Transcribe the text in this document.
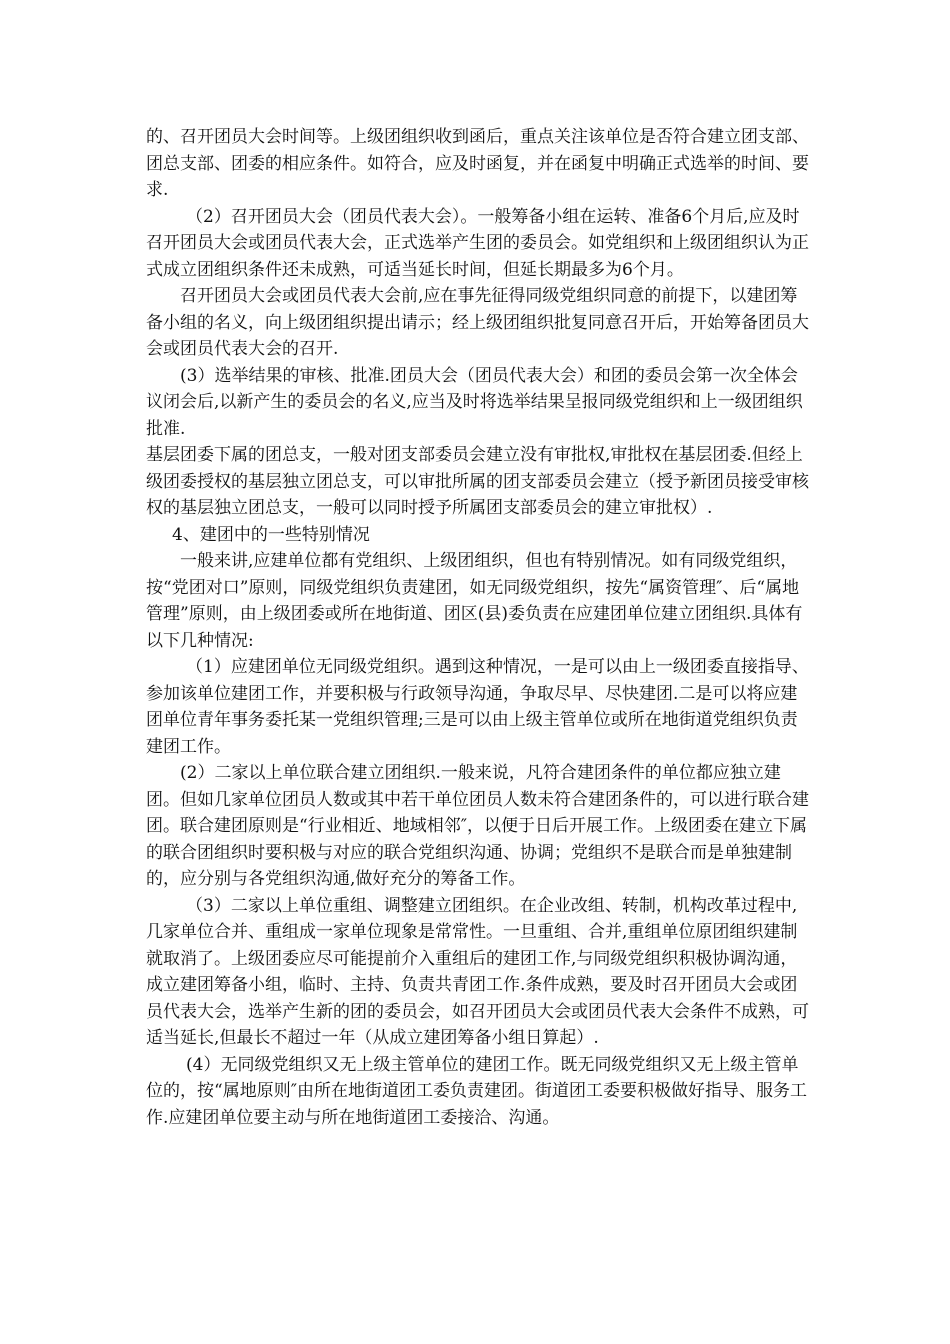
的、召开团员大会时间等。上级团组织收到函后，重点关注该单位是否符合建立团支部、团总支部、团委的相应条件。如符合，应及时函复，并在函复中明确正式选举的时间、要求.

（2）召开团员大会（团员代表大会）。一般筹备小组在运转、准备6个月后,应及时召开团员大会或团员代表大会，正式选举产生团的委员会。如党组织和上级团组织认为正式成立团组织条件还未成熟，可适当延长时间，但延长期最多为6个月。

召开团员大会或团员代表大会前,应在事先征得同级党组织同意的前提下，以建团筹备小组的名义，向上级团组织提出请示；经上级团组织批复同意召开后，开始筹备团员大会或团员代表大会的召开.

(3）选举结果的审核、批准.团员大会（团员代表大会）和团的委员会第一次全体会议闭会后,以新产生的委员会的名义,应当及时将选举结果呈报同级党组织和上一级团组织批准.

基层团委下属的团总支，一般对团支部委员会建立没有审批权,审批权在基层团委.但经上级团委授权的基层独立团总支，可以审批所属的团支部委员会建立（授予新团员接受审核权的基层独立团总支，一般可以同时授予所属团支部委员会的建立审批权）.

4、建团中的一些特别情况

一般来讲,应建单位都有党组织、上级团组织，但也有特别情况。如有同级党组织，按“党团对口”原则，同级党组织负责建团，如无同级党组织，按先“属资管理″、后“属地管理”原则，由上级团委或所在地街道、团区(县)委负责在应建团单位建立团组织.具体有以下几种情况:

（1）应建团单位无同级党组织。遇到这种情况，一是可以由上一级团委直接指导、参加该单位建团工作，并要积极与行政领导沟通，争取尽早、尽快建团.二是可以将应建团单位青年事务委托某一党组织管理;三是可以由上级主管单位或所在地街道党组织负责建团工作。

(2）二家以上单位联合建立团组织.一般来说，凡符合建团条件的单位都应独立建团。但如几家单位团员人数或其中若干单位团员人数未符合建团条件的，可以进行联合建团。联合建团原则是“行业相近、地域相邻″，以便于日后开展工作。上级团委在建立下属的联合团组织时要积极与对应的联合党组织沟通、协调；党组织不是联合而是单独建制的，应分别与各党组织沟通,做好充分的筹备工作。

（3）二家以上单位重组、调整建立团组织。在企业改组、转制，机构改革过程中,几家单位合并、重组成一家单位现象是常常性。一旦重组、合并,重组单位原团组织建制就取消了。上级团委应尽可能提前介入重组后的建团工作,与同级党组织积极协调沟通，成立建团筹备小组，临时、主持、负责共青团工作.条件成熟，要及时召开团员大会或团员代表大会，选举产生新的团的委员会，如召开团员大会或团员代表大会条件不成熟，可适当延长,但最长不超过一年（从成立建团筹备小组日算起）.

(4）无同级党组织又无上级主管单位的建团工作。既无同级党组织又无上级主管单位的，按“属地原则″由所在地街道团工委负责建团。街道团工委要积极做好指导、服务工作.应建团单位要主动与所在地街道团工委接洽、沟通。
